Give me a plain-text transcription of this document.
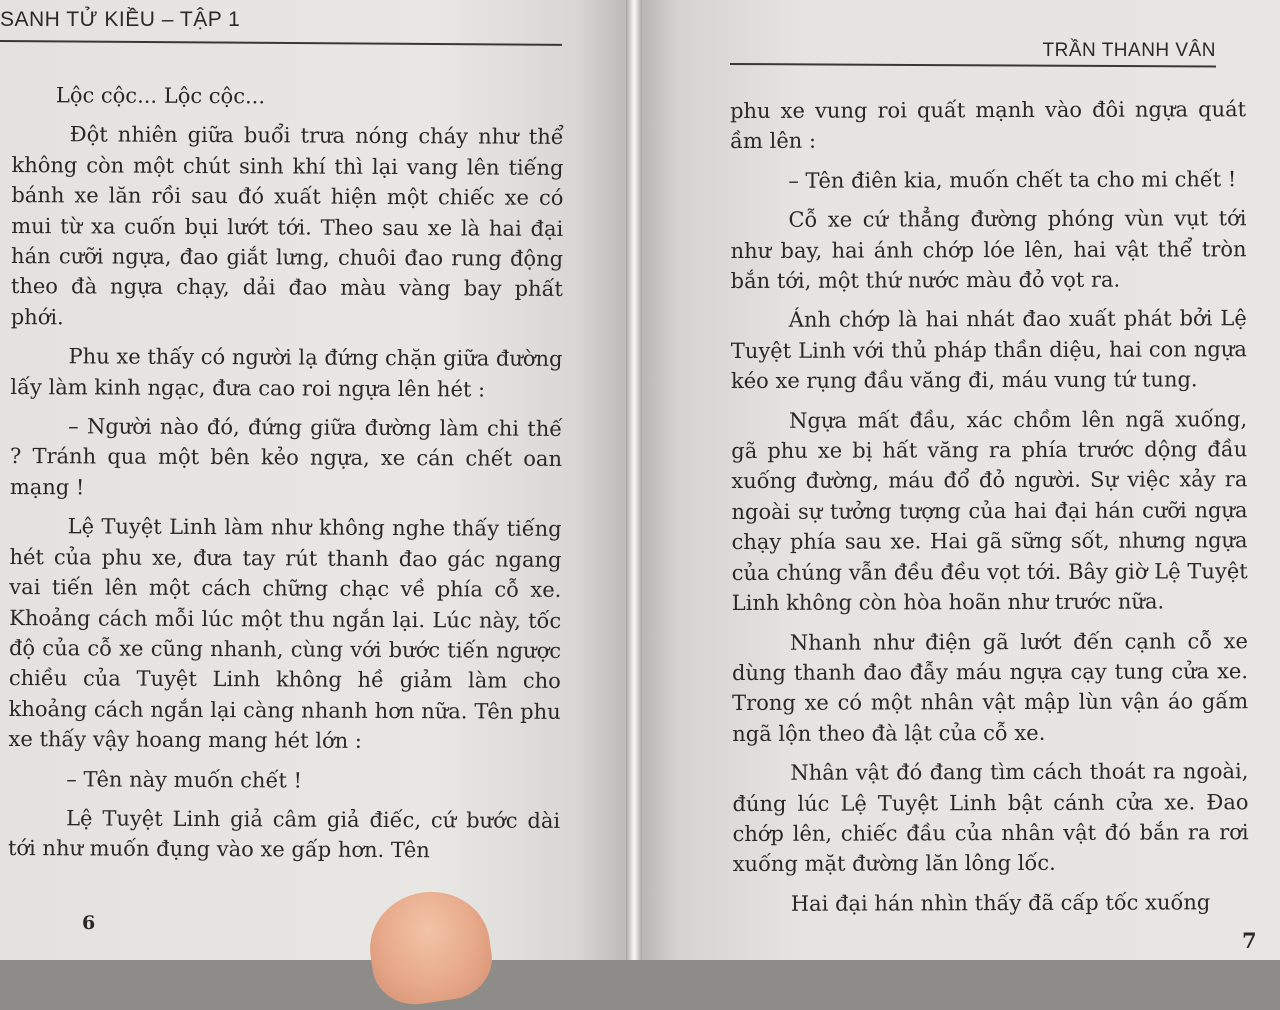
SANH TỬ KIỀU – TẬP 1

Lộc cộc... Lộc cộc...

Đột nhiên giữa buổi trưa nóng cháy như thể không còn một chút sinh khí thì lại vang lên tiếng bánh xe lăn rồi sau đó xuất hiện một chiếc xe có mui từ xa cuốn bụi lướt tới. Theo sau xe là hai đại hán cưỡi ngựa, đao giắt lưng, chuôi đao rung động theo đà ngựa chạy, dải đao màu vàng bay phất phới.

Phu xe thấy có người lạ đứng chặn giữa đường lấy làm kinh ngạc, đưa cao roi ngựa lên hét :

– Người nào đó, đứng giữa đường làm chi thế ? Tránh qua một bên kẻo ngựa, xe cán chết oan mạng !

Lệ Tuyệt Linh làm như không nghe thấy tiếng hét của phu xe, đưa tay rút thanh đao gác ngang vai tiến lên một cách chững chạc về phía cỗ xe. Khoảng cách mỗi lúc một thu ngắn lại. Lúc này, tốc độ của cỗ xe cũng nhanh, cùng với bước tiến ngược chiều của Tuyệt Linh không hề giảm làm cho khoảng cách ngắn lại càng nhanh hơn nữa. Tên phu xe thấy vậy hoang mang hét lớn :

– Tên này muốn chết !

Lệ Tuyệt Linh giả câm giả điếc, cứ bước dài tới như muốn đụng vào xe gấp hơn. Tên

6
TRẦN THANH VÂN

phu xe vung roi quất mạnh vào đôi ngựa quát ầm lên :

– Tên điên kia, muốn chết ta cho mi chết !

Cỗ xe cứ thẳng đường phóng vùn vụt tới như bay, hai ánh chớp lóe lên, hai vật thể tròn bắn tới, một thứ nước màu đỏ vọt ra.

Ánh chớp là hai nhát đao xuất phát bởi Lệ Tuyệt Linh với thủ pháp thần diệu, hai con ngựa kéo xe rụng đầu văng đi, máu vung tứ tung.

Ngựa mất đầu, xác chồm lên ngã xuống, gã phu xe bị hất văng ra phía trước dộng đầu xuống đường, máu đổ đỏ người. Sự việc xảy ra ngoài sự tưởng tượng của hai đại hán cưỡi ngựa chạy phía sau xe. Hai gã sững sốt, nhưng ngựa của chúng vẫn đều đều vọt tới. Bây giờ Lệ Tuyệt Linh không còn hòa hoãn như trước nữa.

Nhanh như điện gã lướt đến cạnh cỗ xe dùng thanh đao đẫy máu ngựa cạy tung cửa xe. Trong xe có một nhân vật mập lùn vận áo gấm ngã lộn theo đà lật của cỗ xe.

Nhân vật đó đang tìm cách thoát ra ngoài, đúng lúc Lệ Tuyệt Linh bật cánh cửa xe. Đao chớp lên, chiếc đầu của nhân vật đó bắn ra rơi xuống mặt đường lăn lông lốc.

Hai đại hán nhìn thấy đã cấp tốc xuống

7
